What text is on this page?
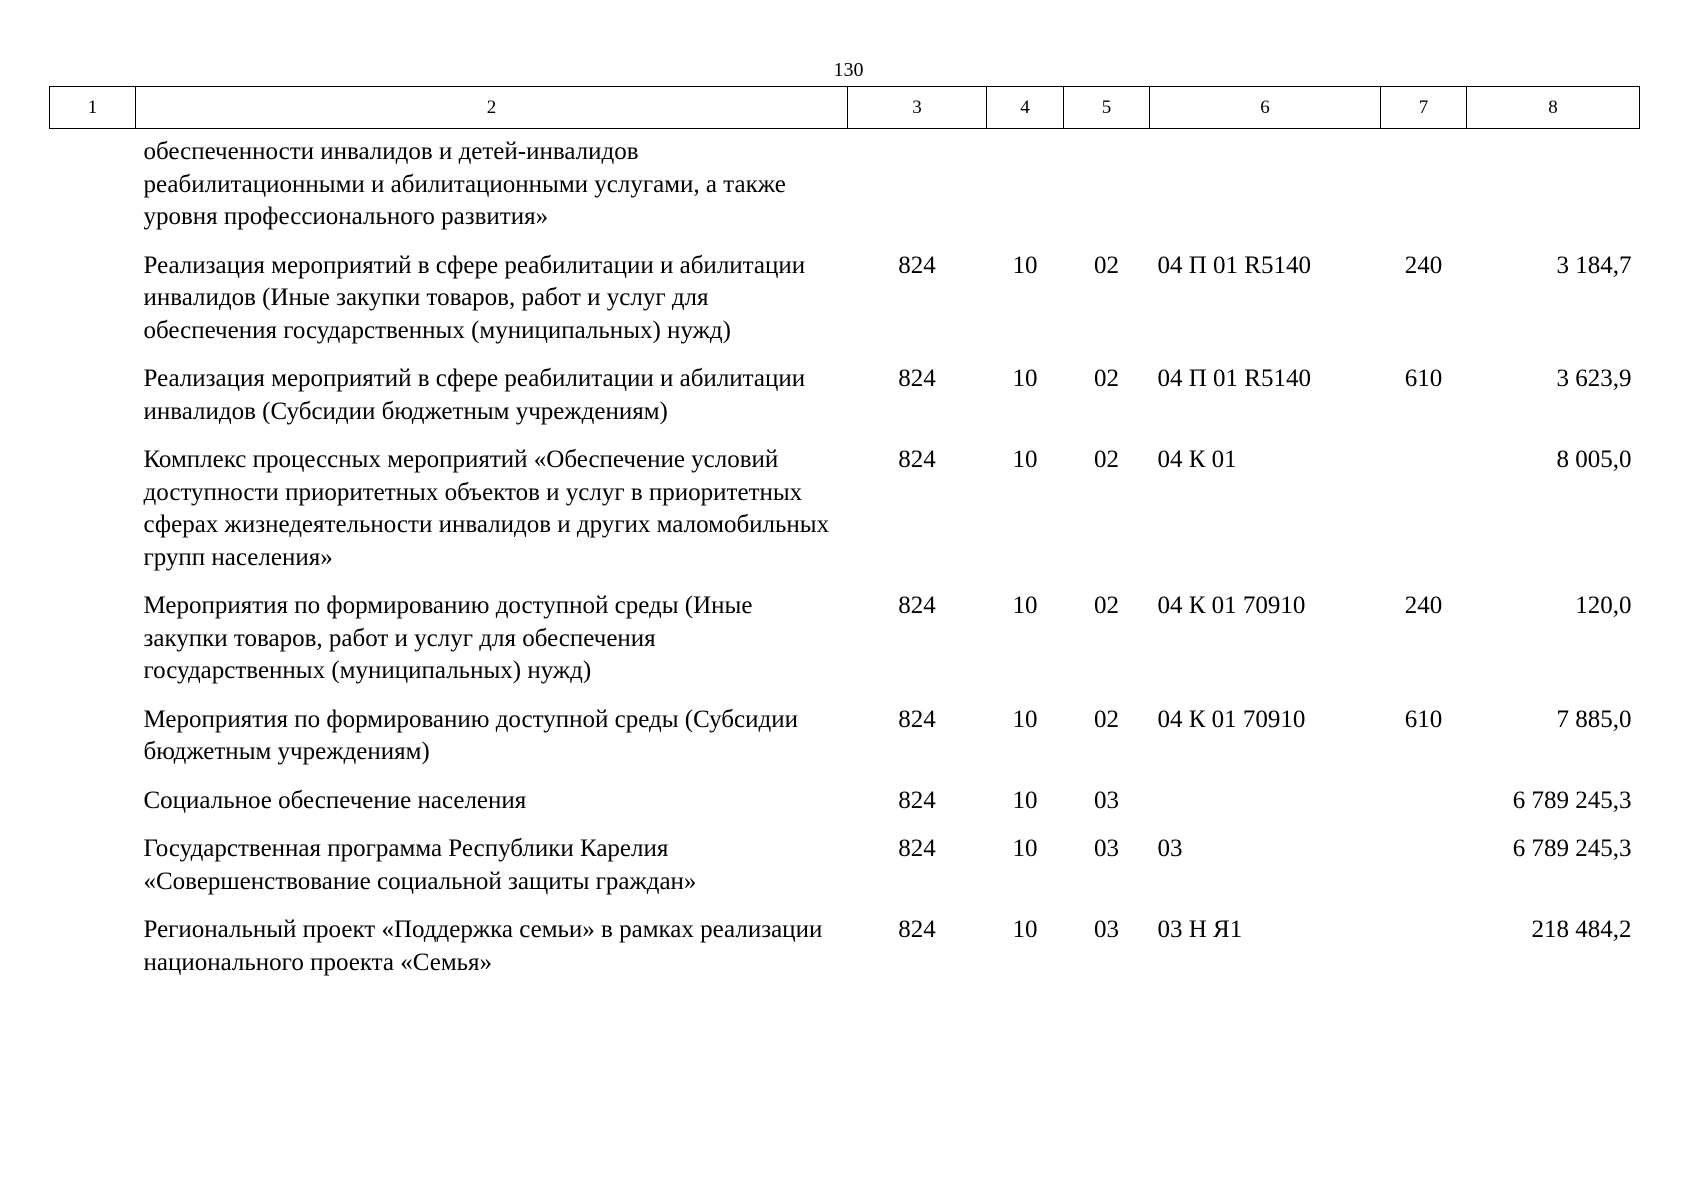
130
1	2	3	4	5	6	7	8
	обеспеченности инвалидов и детей-инвалидов реабилитационными и абилитационными услугами, а также уровня профессионального развития»						
	Реализация мероприятий в сфере реабилитации и абилитации инвалидов (Иные закупки товаров, работ и услуг для обеспечения государственных (муниципальных) нужд)	824	10	02	04 П 01 R5140	240	3 184,7
	Реализация мероприятий в сфере реабилитации и абилитации инвалидов (Субсидии бюджетным учреждениям)	824	10	02	04 П 01 R5140	610	3 623,9
	Комплекс процессных мероприятий «Обеспечение условий доступности приоритетных объектов и услуг в приоритетных сферах жизнедеятельности инвалидов и других маломобильных групп населения»	824	10	02	04 К 01		8 005,0
	Мероприятия по формированию доступной среды (Иные закупки товаров, работ и услуг для обеспечения государственных (муниципальных) нужд)	824	10	02	04 К 01 70910	240	120,0
	Мероприятия по формированию доступной среды (Субсидии бюджетным учреждениям)	824	10	02	04 К 01 70910	610	7 885,0
	Социальное обеспечение населения	824	10	03			6 789 245,3
	Государственная программа Республики Карелия «Совершенствование социальной защиты граждан»	824	10	03	03		6 789 245,3
	Региональный проект «Поддержка семьи» в рамках реализации национального проекта «Семья»	824	10	03	03 Н Я1		218 484,2
